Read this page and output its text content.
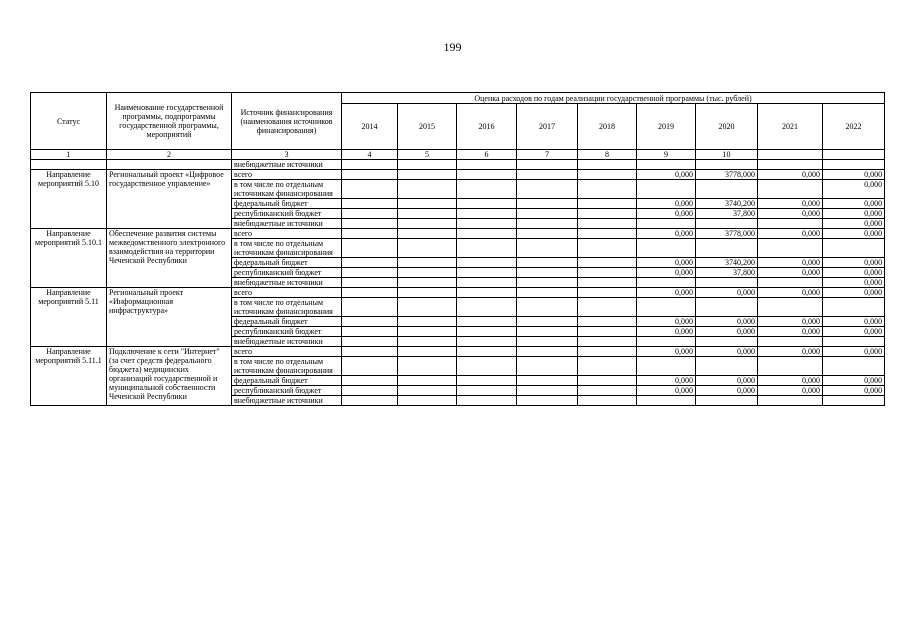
199
Статус	Наименование государственной программы, подпрограммы государственной программы, мероприятий	Источник финансирования (наименования источников финансирования)	Оценка расходов по годам реализации государственной программы (тыс. рублей)								
			2014	2015	2016	2017	2018	2019	2020	2021	2022
1	2	3	4	5	6	7	8	9	10		
		внебюджетные источники									
Направление мероприятий 5.10	Региональный проект «Цифровое государственное управление»	всего						0,000	3778,000	0,000	0,000
		в том числе по отдельным источникам финансирования									0,000
		федеральный бюджет						0,000	3740,200	0,000	0,000
		республиканский бюджет						0,000	37,800	0,000	0,000
		внебюджетные источники									0,000
Направление мероприятий 5.10.1	Обеспечение развития системы межведомственного электронного взаимодействия на территории Чеченской Республики	всего						0,000	3778,000	0,000	0,000
		в том числе по отдельным источникам финансирования									
		федеральный бюджет						0,000	3740,200	0,000	0,000
		республиканский бюджет						0,000	37,800	0,000	0,000
		внебюджетные источники									0,000
Направление мероприятий 5.11	Региональный проект «Информационная инфраструктура»	всего						0,000	0,000	0,000	0,000
		в том числе по отдельным источникам финансирования									
		федеральный бюджет						0,000	0,000	0,000	0,000
		республиканский бюджет						0,000	0,000	0,000	0,000
		внебюджетные источники									
Направление мероприятий 5.11.1	Подключение к сети "Интернет" (за счет средств федерального бюджета) медицинских организаций государственной и муниципальной собственности Чеченской Республики	всего						0,000	0,000	0,000	0,000
		в том числе по отдельным источникам финансирования									
		федеральный бюджет						0,000	0,000	0,000	0,000
		республиканский бюджет						0,000	0,000	0,000	0,000
		внебюджетные источники									
